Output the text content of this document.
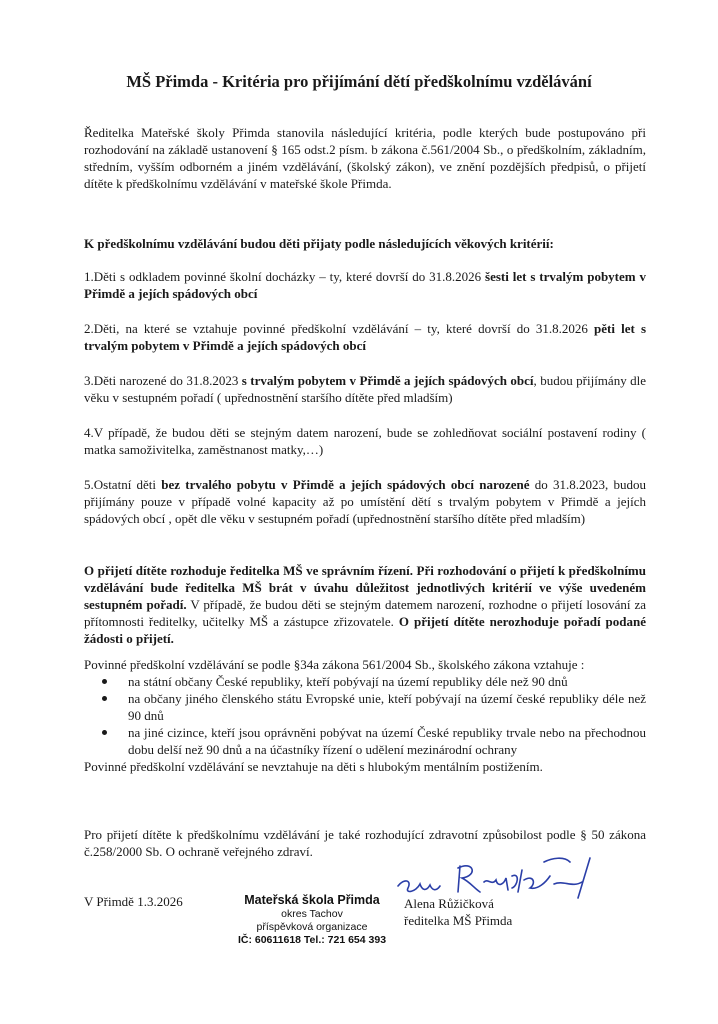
MŠ Přimda - Kritéria pro přijímání dětí předškolnímu vzdělávání

Ředitelka Mateřské školy Přimda stanovila následující kritéria, podle kterých bude postupováno při rozhodování na základě ustanovení § 165 odst.2 písm. b zákona č.561/2004 Sb., o předškolním, základním, středním, vyšším odborném a jiném vzdělávání, (školský zákon), ve znění pozdějších předpisů, o přijetí dítěte k předškolnímu vzdělávání v mateřské škole Přimda.

K předškolnímu vzdělávání budou děti přijaty podle následujících věkových kritérií:

1.Děti s odkladem povinné školní docházky – ty, které dovrší do 31.8.2026 šesti let s trvalým pobytem v Přimdě a jejích spádových obcí

2.Děti, na které se vztahuje povinné předškolní vzdělávání – ty, které dovrší do 31.8.2026 pěti let s trvalým pobytem v Přimdě a jejích spádových obcí

3.Děti narozené do 31.8.2023 s trvalým pobytem v Přimdě a jejích spádových obcí, budou přijímány dle věku v sestupném pořadí ( upřednostnění staršího dítěte před mladším)

4.V případě, že budou děti se stejným datem narození, bude se zohledňovat sociální postavení rodiny ( matka samoživitelka, zaměstnanost matky,…)

5.Ostatní děti bez trvalého pobytu v Přimdě a jejích spádových obcí narozené do 31.8.2023, budou přijímány pouze v případě volné kapacity až po umístění dětí s trvalým pobytem v Přimdě a jejích spádových obcí , opět dle věku v sestupném pořadí (upřednostnění staršího dítěte před mladším)

O přijetí dítěte rozhoduje ředitelka MŠ ve správním řízení. Při rozhodování o přijetí k předškolnímu vzdělávání bude ředitelka MŠ brát v úvahu důležitost jednotlivých kritérií ve výše uvedeném sestupném pořadí. V případě, že budou děti se stejným datemem narození, rozhodne o přijetí losování za přítomnosti ředitelky, učitelky MŠ a zástupce zřizovatele. O přijetí dítěte nerozhoduje pořadí podané žádosti o přijetí.

Povinné předškolní vzdělávání se podle §34a zákona 561/2004 Sb., školského zákona vztahuje :
na státní občany České republiky, kteří pobývají na území republiky déle než 90 dnů
na občany jiného členského státu Evropské unie, kteří pobývají na území české republiky déle než 90 dnů
na jiné cizince, kteří jsou oprávněni pobývat na území České republiky trvale nebo na přechodnou dobu delší než 90 dnů a na účastníky řízení o udělení mezinárodní ochrany
Povinné předškolní vzdělávání se nevztahuje na děti s hlubokým mentálním postižením.

Pro přijetí dítěte k předškolnímu vzdělávání je také rozhodující zdravotní způsobilost podle § 50 zákona č.258/2000 Sb. O ochraně veřejného zdraví.

V Přimdě 1.3.2026	Mateřská škola Přimda
okres Tachov
příspěvková organizace
IČ: 60611618 Tel.: 721 654 393
Alena Růžičková
ředitelka MŠ Přimda
